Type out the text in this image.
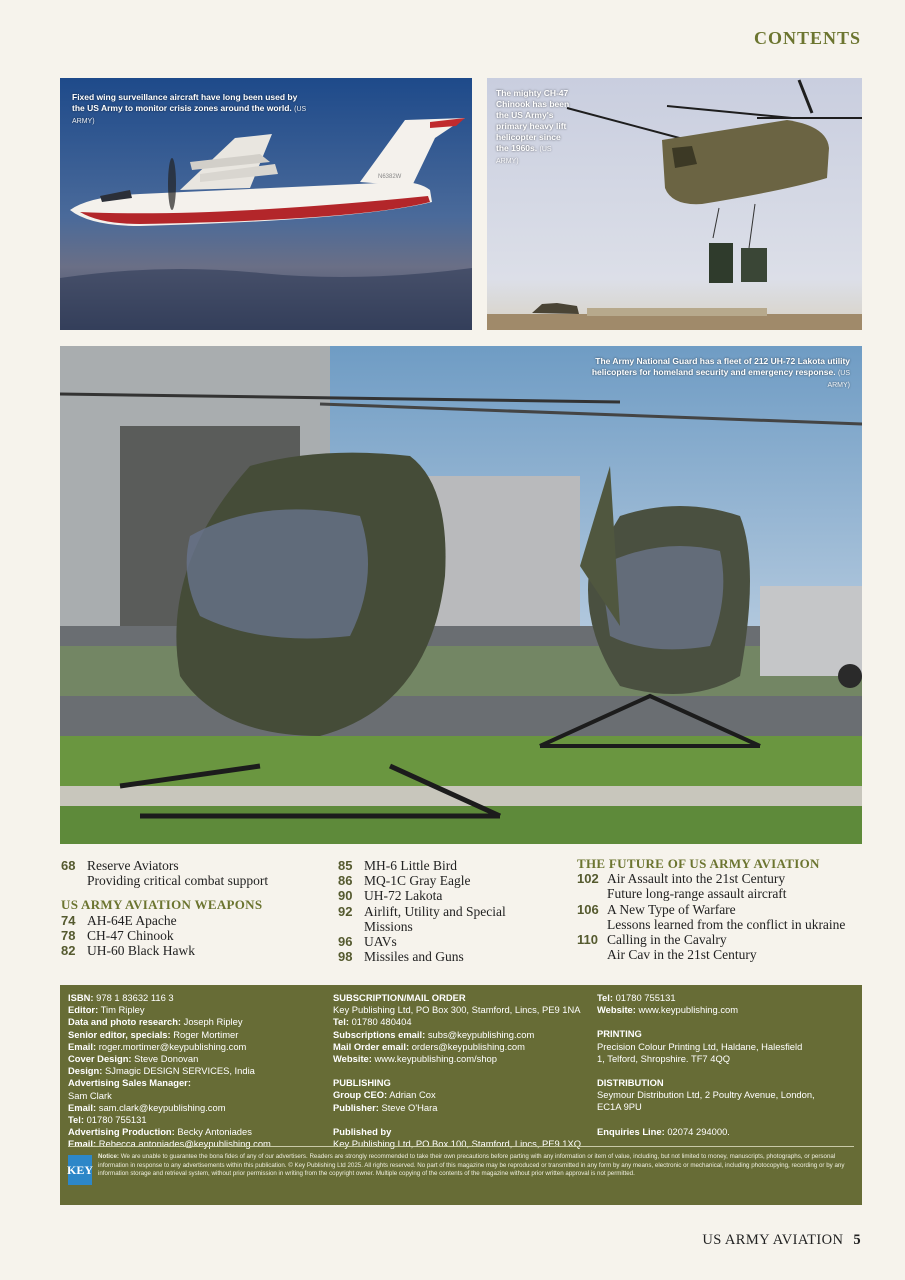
CONTENTS
N6382W
Fixed wing surveillance aircraft have long been used by the US Army to monitor crisis zones around the world. (US ARMY)
The mighty CH-47 Chinook has been the US Army's primary heavy lift helicopter since the 1960s. (US ARMY)
The Army National Guard has a fleet of 212 UH-72 Lakota utility helicopters for homeland security and emergency response. (US ARMY)
68 Reserve Aviators
Providing critical combat support
US ARMY AVIATION WEAPONS
74 AH-64E Apache
78 CH-47 Chinook
82 UH-60 Black Hawk
85 MH-6 Little Bird
86 MQ-1C Gray Eagle
90 UH-72 Lakota
92 Airlift, Utility and Special
Missions
96 UAVs
98 Missiles and Guns
THE FUTURE OF US ARMY AVIATION
102 Air Assault into the 21st Century
Future long-range assault aircraft
106 A New Type of Warfare
Lessons learned from the conflict in ukraine
110 Calling in the Cavalry
Air Cav in the 21st Century
ISBN: 978 1 83632 116 3
Editor: Tim Ripley
Data and photo research: Joseph Ripley
Senior editor, specials: Roger Mortimer
Email: roger.mortimer@keypublishing.com
Cover Design: Steve Donovan
Design: SJmagic DESIGN SERVICES, India
Advertising Sales Manager:
Sam Clark
Email: sam.clark@keypublishing.com
Tel: 01780 755131
Advertising Production: Becky Antoniades
Email: Rebecca.antoniades@keypublishing.com
SUBSCRIPTION/MAIL ORDER
Key Publishing Ltd, PO Box 300, Stamford, Lincs, PE9 1NA
Tel: 01780 480404
Subscriptions email: subs@keypublishing.com
Mail Order email: orders@keypublishing.com
Website: www.keypublishing.com/shop
PUBLISHING
Group CEO: Adrian Cox
Publisher: Steve O'Hara
Published by
Key Publishing Ltd, PO Box 100, Stamford, Lincs, PE9 1XQ
Tel: 01780 755131
Website: www.keypublishing.com
PRINTING
Precision Colour Printing Ltd, Haldane, Halesfield 1, Telford, Shropshire. TF7 4QQ
DISTRIBUTION
Seymour Distribution Ltd, 2 Poultry Avenue, London, EC1A 9PU
Enquiries Line: 02074 294000.
KEY
Notice: We are unable to guarantee the bona fides of any of our advertisers. Readers are strongly recommended to take their own precautions before parting with any information or item of value, including, but not limited to money, manuscripts, photographs, or personal information in response to any advertisements within this publication. © Key Publishing Ltd 2025. All rights reserved. No part of this magazine may be reproduced or transmitted in any form by any means, electronic or mechanical, including photocopying, recording or by any information storage and retrieval system, without prior permission in writing from the copyright owner. Multiple copying of the contents of the magazine without prior written approval is not permitted.
US ARMY AVIATION 5
